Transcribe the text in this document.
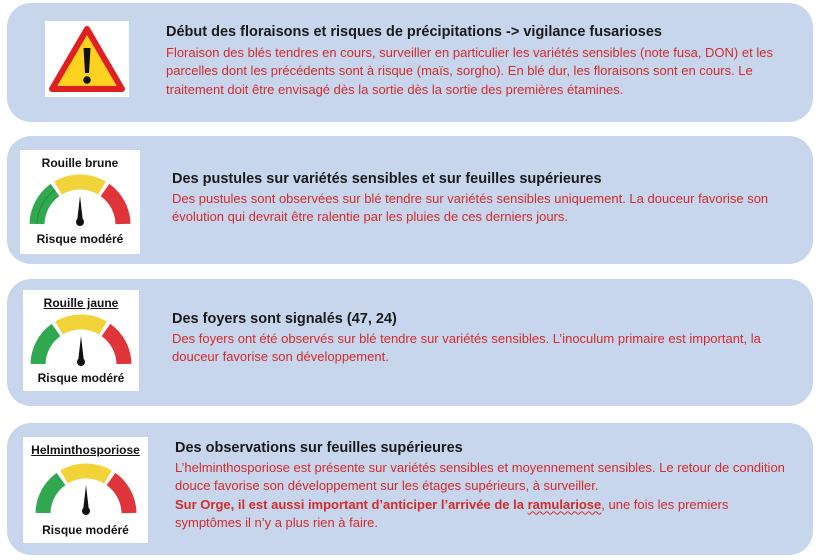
Début des floraisons et risques de précipitations -> vigilance fusarioses
Floraison des blés tendres en cours, surveiller en particulier les variétés sensibles (note fusa, DON) et les parcelles dont les précédents sont à risque (maïs, sorgho). En blé dur, les floraisons sont en cours. Le traitement doit être envisagé dès la sortie dès la sortie des premières étamines.
Rouille brune
Risque modéré
Des pustules sur variétés sensibles et sur feuilles supérieures
Des pustules sont observées sur blé tendre sur variétés sensibles uniquement. La douceur favorise son évolution qui devrait être ralentie par les pluies de ces derniers jours.
Rouille jaune
Risque modéré
Des foyers sont signalés (47, 24)
Des foyers ont été observés sur blé tendre sur variétés sensibles. L’inoculum primaire est important, la douceur favorise son développement.
Helminthosporiose
Risque modéré
Des observations sur feuilles supérieures
L’helminthosporiose est présente sur variétés sensibles et moyennement sensibles. Le retour de condition douce favorise son développement sur les étages supérieurs, à surveiller.
Sur Orge, il est aussi important d’anticiper l’arrivée de la ramulariose, une fois les premiers symptômes il n’y a plus rien à faire.
